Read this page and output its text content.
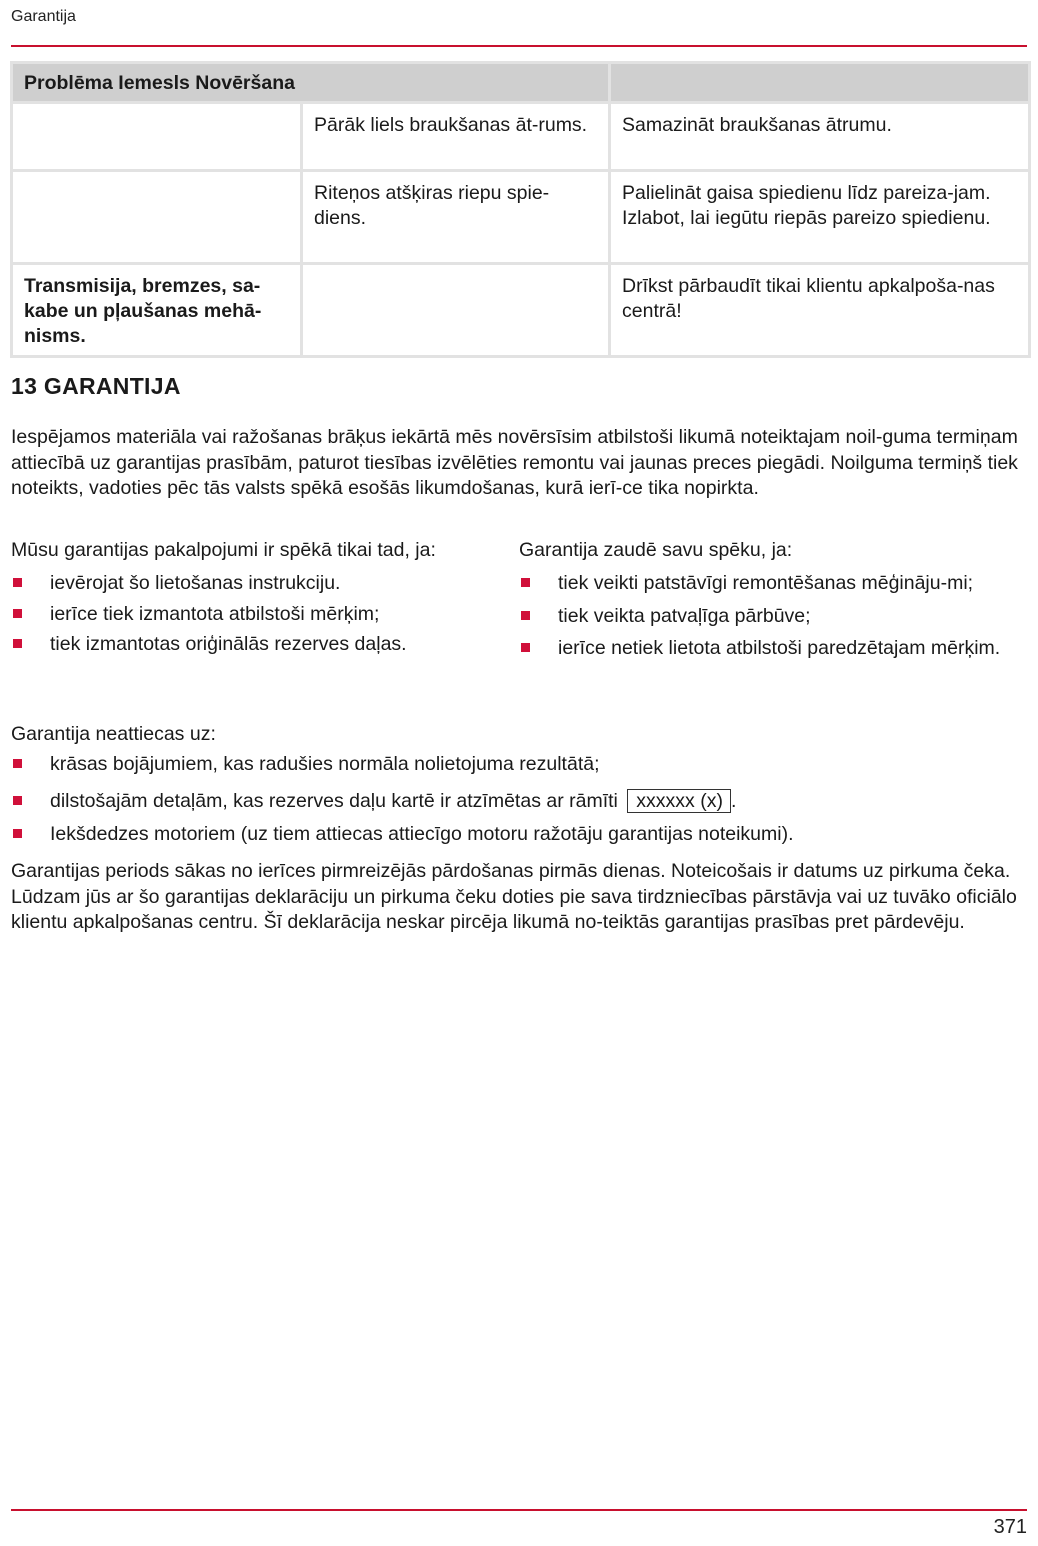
Garantija
Problēma Iemesls Novēršana		
	Pārāk liels braukšanas āt-rums.	Samazināt braukšanas ātrumu.
	Riteņos atšķiras riepu spie-diens.	Palielināt gaisa spiedienu līdz pareiza-jam. Izlabot, lai iegūtu riepās pareizo spiedienu.
Transmisija, bremzes, sa-kabe un pļaušanas mehā-nisms.		Drīkst pārbaudīt tikai klientu apkalpoša-nas centrā!
13 GARANTIJA

Iespējamos materiāla vai ražošanas brāķus iekārtā mēs novērsīsim atbilstoši likumā noteiktajam noil-guma termiņam attiecībā uz garantijas prasībām, paturot tiesības izvēlēties remontu vai jaunas preces piegādi. Noilguma termiņš tiek noteikts, vadoties pēc tās valsts spēkā esošās likumdošanas, kurā ierī-ce tika nopirkta.

Mūsu garantijas pakalpojumi ir spēkā tikai tad, ja:

ievērojat šo lietošanas instrukciju.
ierīce tiek izmantota atbilstoši mērķim;
tiek izmantotas oriģinālās rezerves daļas.

Garantija zaudē savu spēku, ja:

tiek veikti patstāvīgi remontēšanas mēģināju-mi;
tiek veikta patvaļīga pārbūve;
ierīce netiek lietota atbilstoši paredzētajam mērķim.

Garantija neattiecas uz:

krāsas bojājumiem, kas radušies normāla nolietojuma rezultātā;
dilstošajām detaļām, kas rezerves daļu kartē ir atzīmētas ar rāmīti xxxxxx (x) .
Iekšdedzes motoriem (uz tiem attiecas attiecīgo motoru ražotāju garantijas noteikumi).

Garantijas periods sākas no ierīces pirmreizējās pārdošanas pirmās dienas. Noteicošais ir datums uz pirkuma čeka. Lūdzam jūs ar šo garantijas deklarāciju un pirkuma čeku doties pie sava tirdzniecības pārstāvja vai uz tuvāko oficiālo klientu apkalpošanas centru. Šī deklarācija neskar pircēja likumā no-teiktās garantijas prasības pret pārdevēju.

371
